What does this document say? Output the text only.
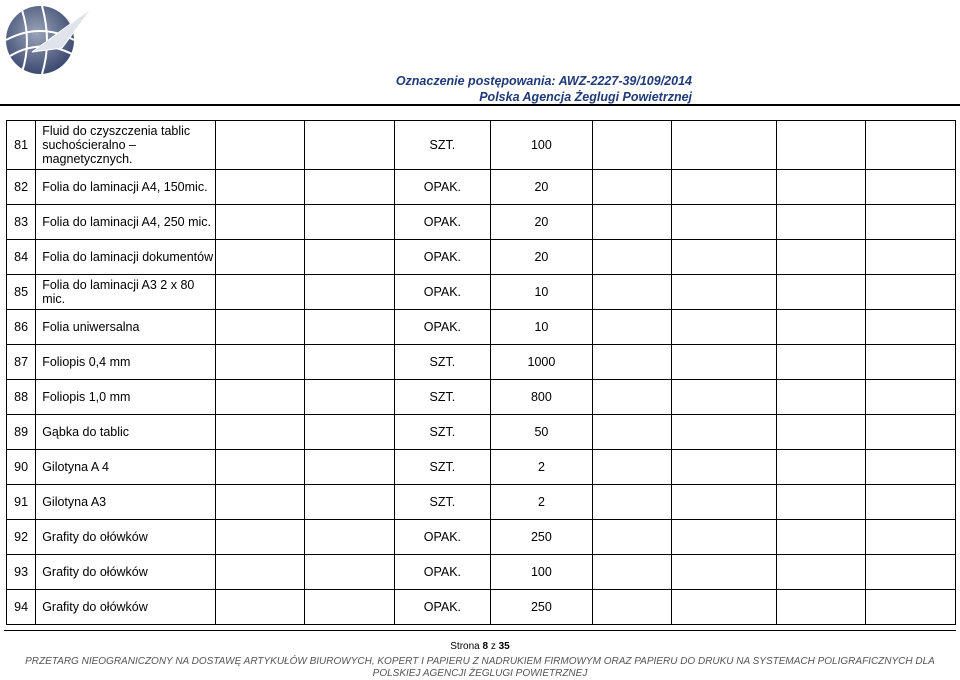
Oznaczenie postępowania: AWZ-2227-39/109/2014
Polska Agencja Żeglugi Powietrznej
81	Fluid do czyszczenia tablic suchościeralno – magnetycznych.			SZT.	100				
82	Folia do laminacji A4, 150mic.			OPAK.	20				
83	Folia do laminacji A4, 250 mic.			OPAK.	20				
84	Folia do laminacji dokumentów			OPAK.	20				
85	Folia do laminacji A3 2 x 80 mic.			OPAK.	10				
86	Folia uniwersalna			OPAK.	10				
87	Foliopis 0,4 mm			SZT.	1000				
88	Foliopis 1,0 mm			SZT.	800				
89	Gąbka do tablic			SZT.	50				
90	Gilotyna A 4			SZT.	2				
91	Gilotyna A3			SZT.	2				
92	Grafity do ołówków			OPAK.	250				
93	Grafity do ołówków			OPAK.	100				
94	Grafity do ołówków			OPAK.	250				
Strona 8 z 35
PRZETARG NIEOGRANICZONY NA DOSTAWĘ ARTYKUŁÓW BIUROWYCH, KOPERT I PAPIERU Z NADRUKIEM FIRMOWYM ORAZ PAPIERU DO DRUKU NA SYSTEMACH POLIGRAFICZNYCH DLA
POLSKIEJ AGENCJI ŻEGLUGI POWIETRZNEJ
